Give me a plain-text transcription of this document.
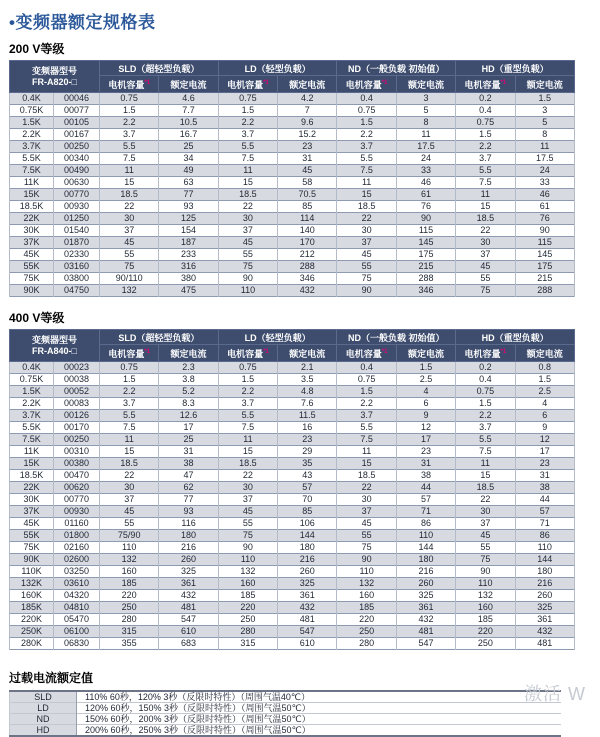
•变频器额定规格表
200 V等级
变频器型号
FR-A820-□		SLD（超轻型负载）		LD（轻型负载）		ND（一般负载 初始值）		HD（重型负载）	
		电机容量$^{*1}$	额定电流	电机容量$^{*1}$	额定电流	电机容量$^{*1}$	额定电流	电机容量$^{*1}$	额定电流
0.4K	00046	0.75	4.6	0.75	4.2	0.4	3	0.2	1.5
0.75K	00077	1.5	7.7	1.5	7	0.75	5	0.4	3
1.5K	00105	2.2	10.5	2.2	9.6	1.5	8	0.75	5
2.2K	00167	3.7	16.7	3.7	15.2	2.2	11	1.5	8
3.7K	00250	5.5	25	5.5	23	3.7	17.5	2.2	11
5.5K	00340	7.5	34	7.5	31	5.5	24	3.7	17.5
7.5K	00490	11	49	11	45	7.5	33	5.5	24
11K	00630	15	63	15	58	11	46	7.5	33
15K	00770	18.5	77	18.5	70.5	15	61	11	46
18.5K	00930	22	93	22	85	18.5	76	15	61
22K	01250	30	125	30	114	22	90	18.5	76
30K	01540	37	154	37	140	30	115	22	90
37K	01870	45	187	45	170	37	145	30	115
45K	02330	55	233	55	212	45	175	37	145
55K	03160	75	316	75	288	55	215	45	175
75K	03800	90/110	380	90	346	75	288	55	215
90K	04750	132	475	110	432	90	346	75	288
400 V等级
变频器型号
FR-A840-□		SLD（超轻型负载）		LD（轻型负载）		ND（一般负载 初始值）		HD（重型负载）	
		电机容量$^{*1}$	额定电流	电机容量$^{*1}$	额定电流	电机容量$^{*1}$	额定电流	电机容量$^{*1}$	额定电流
0.4K	00023	0.75	2.3	0.75	2.1	0.4	1.5	0.2	0.8
0.75K	00038	1.5	3.8	1.5	3.5	0.75	2.5	0.4	1.5
1.5K	00052	2.2	5.2	2.2	4.8	1.5	4	0.75	2.5
2.2K	00083	3.7	8.3	3.7	7.6	2.2	6	1.5	4
3.7K	00126	5.5	12.6	5.5	11.5	3.7	9	2.2	6
5.5K	00170	7.5	17	7.5	16	5.5	12	3.7	9
7.5K	00250	11	25	11	23	7.5	17	5.5	12
11K	00310	15	31	15	29	11	23	7.5	17
15K	00380	18.5	38	18.5	35	15	31	11	23
18.5K	00470	22	47	22	43	18.5	38	15	31
22K	00620	30	62	30	57	22	44	18.5	38
30K	00770	37	77	37	70	30	57	22	44
37K	00930	45	93	45	85	37	71	30	57
45K	01160	55	116	55	106	45	86	37	71
55K	01800	75/90	180	75	144	55	110	45	86
75K	02160	110	216	90	180	75	144	55	110
90K	02600	132	260	110	216	90	180	75	144
110K	03250	160	325	132	260	110	216	90	180
132K	03610	185	361	160	325	132	260	110	216
160K	04320	220	432	185	361	160	325	132	260
185K	04810	250	481	220	432	185	361	160	325
220K	05470	280	547	250	481	220	432	185	361
250K	06100	315	610	280	547	250	481	220	432
280K	06830	355	683	315	610	280	547	250	481
过载电流额定值
SLD	110% 60秒，120% 3秒（反限时特性）（周围气温40℃）
LD	120% 60秒，150% 3秒（反限时特性）（周围气温50℃）
ND	150% 60秒，200% 3秒（反限时特性）（周围气温50℃）
HD	200% 60秒，250% 3秒（反限时特性）（周围气温50℃）
激活 W
